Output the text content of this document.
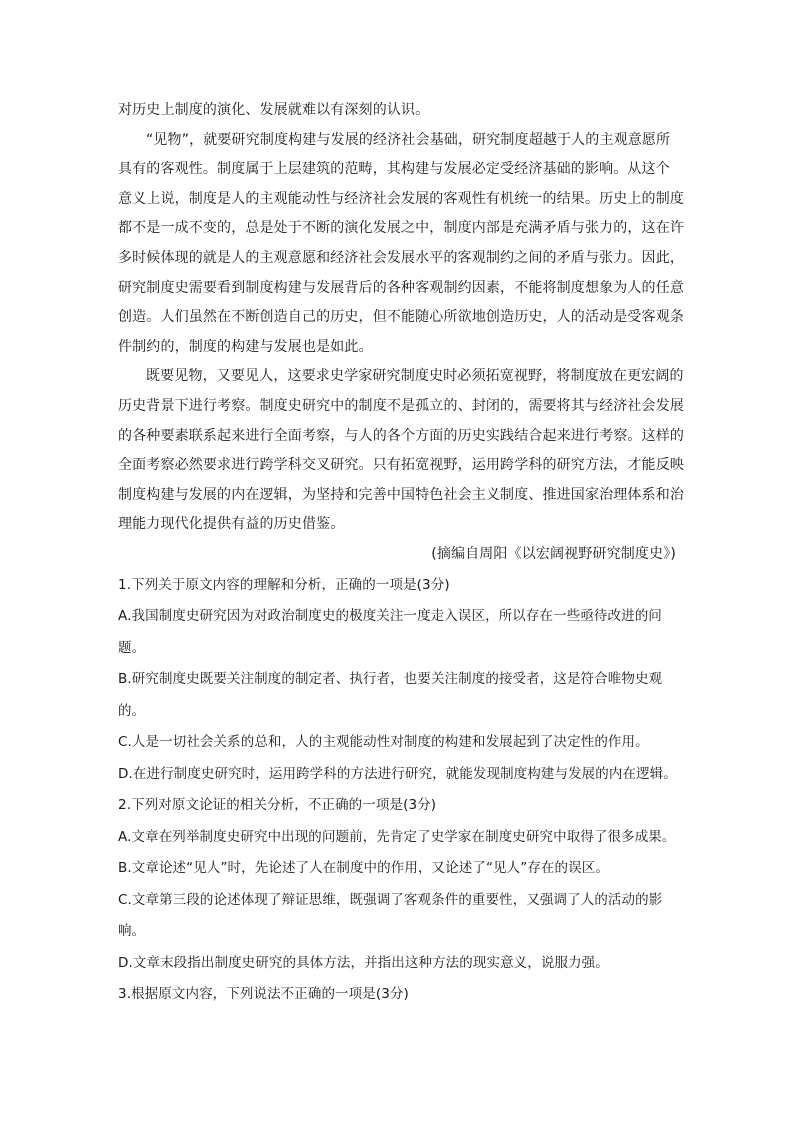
对历史上制度的演化、发展就难以有深刻的认识。
“见物”，就要研究制度构建与发展的经济社会基础，研究制度超越于人的主观意愿所
具有的客观性。制度属于上层建筑的范畴，其构建与发展必定受经济基础的影响。从这个
意义上说，制度是人的主观能动性与经济社会发展的客观性有机统一的结果。历史上的制度
都不是一成不变的，总是处于不断的演化发展之中，制度内部是充满矛盾与张力的，这在许
多时候体现的就是人的主观意愿和经济社会发展水平的客观制约之间的矛盾与张力。因此，
研究制度史需要看到制度构建与发展背后的各种客观制约因素，不能将制度想象为人的任意
创造。人们虽然在不断创造自己的历史，但不能随心所欲地创造历史，人的活动是受客观条
件制约的，制度的构建与发展也是如此。
既要见物，又要见人，这要求史学家研究制度史时必须拓宽视野，将制度放在更宏阔的
历史背景下进行考察。制度史研究中的制度不是孤立的、封闭的，需要将其与经济社会发展
的各种要素联系起来进行全面考察，与人的各个方面的历史实践结合起来进行考察。这样的
全面考察必然要求进行跨学科交叉研究。只有拓宽视野，运用跨学科的研究方法，才能反映
制度构建与发展的内在逻辑，为坚持和完善中国特色社会主义制度、推进国家治理体系和治
理能力现代化提供有益的历史借鉴。
(摘编自周阳《以宏阔视野研究制度史》)
1.下列关于原文内容的理解和分析，正确的一项是(3分)
A.我国制度史研究因为对政治制度史的极度关注一度走入误区，所以存在一些亟待改进的问
题。
B.研究制度史既要关注制度的制定者、执行者，也要关注制度的接受者，这是符合唯物史观
的。
C.人是一切社会关系的总和，人的主观能动性对制度的构建和发展起到了决定性的作用。
D.在进行制度史研究时，运用跨学科的方法进行研究，就能发现制度构建与发展的内在逻辑。
2.下列对原文论证的相关分析，不正确的一项是(3分)
A.文章在列举制度史研究中出现的问题前，先肯定了史学家在制度史研究中取得了很多成果。
B.文章论述“见人”时，先论述了人在制度中的作用，又论述了“见人”存在的误区。
C.文章第三段的论述体现了辩证思维，既强调了客观条件的重要性，又强调了人的活动的影
响。
D.文章末段指出制度史研究的具体方法，并指出这种方法的现实意义，说服力强。
3.根据原文内容，下列说法不正确的一项是(3分)
